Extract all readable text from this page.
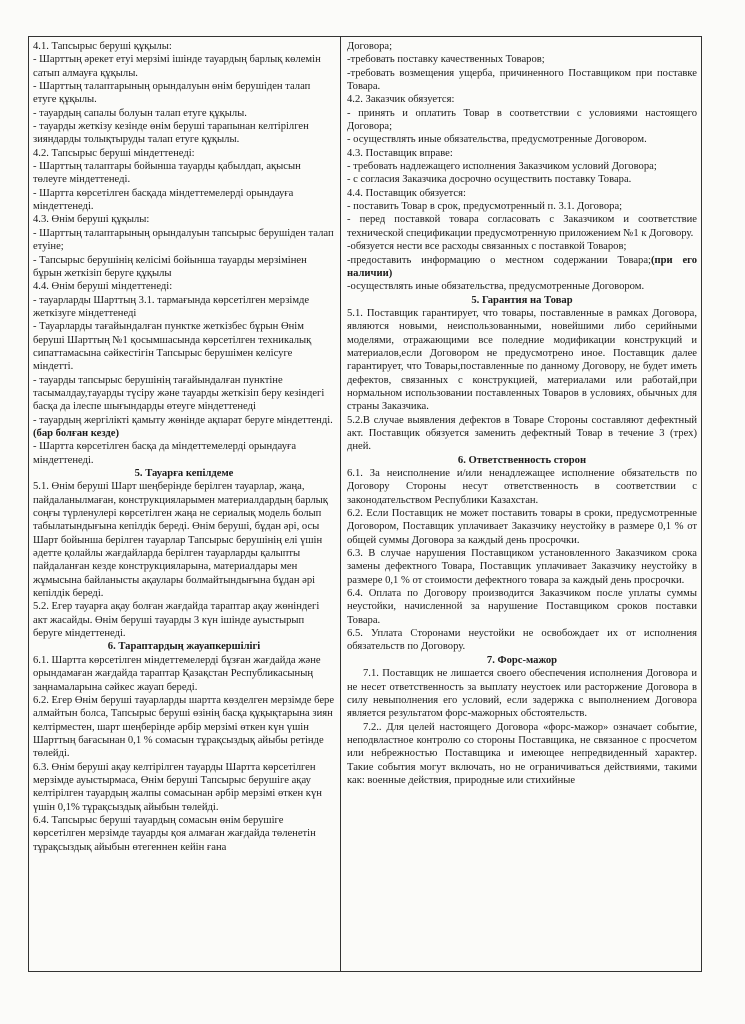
4.1. Тапсырыс беруші құқылы:

- Шарттың әрекет етуі мерзімі ішінде тауардың барлық көлемін сатып алмауға құқылы.

- Шарттың талаптарының орындалуын өнім берушіден талап етуге құқылы.

- тауардың сапалы болуын талап етуге құқылы.

- тауарды жеткізу кезінде өнім беруші тарапынан келтірілген зияндарды толықтыруды талап етуге құқылы.

4.2. Тапсырыс беруші міндеттенеді:

- Шарттың талаптары бойынша тауарды қабылдап, ақысын төлеуге міндеттенеді.

- Шартта көрсетілген басқада міндеттемелерді орындауға міндеттенеді.

4.3. Өнім беруші құқылы:

- Шарттың талаптарының орындалуын тапсырыс берушіден талап етуіне;

- Тапсырыс берушінің келісімі бойынша тауарды мерзімінен бұрын жеткізіп беруге құқылы

4.4. Өнім беруші міндеттенеді:

- тауарларды Шарттың 3.1. тармағында көрсетілген мерзімде жеткізуге міндеттенеді

- Тауарларды тағайындалған пунктке жеткізбес бұрын Өнім беруші Шарттың №1 қосымшасында көрсетілген техникалық сипаттамасына сәйкестігін Тапсырыс берушімен келісуге міндетті.

- тауарды тапсырыс берушінің тағайындалған пунктіне тасымалдау,тауарды түсіру және тауарды жеткізіп беру кезіндегі басқа да ілеспе шығындарды өтеуге міндеттенеді

- тауардың жергілікті қамыту жөнінде ақпарат беруге міндеттенді. (бар болған кезде)

- Шартта көрсетілген басқа да міндеттемелерді орындауға міндеттенеді.

5. Тауарға кепілдеме

5.1. Өнім беруші Шарт шеңберінде берілген тауарлар, жаңа, пайдаланылмаған, конструкцияларымен материалдардың барлық соңғы түрленулері көрсетілген жаңа не сериалық модель болып табылатындығына кепілдік береді. Өнім беруші, бұдан әрі, осы Шарт бойынша берілген тауарлар Тапсырыс берушінің елі үшін әдетте қолайлы жағдайларда берілген тауарларды қалыпты пайдаланған кезде конструкцияларына, материалдары мен жұмысына байланысты ақаулары болмайтындығына бұдан әрі кепілдік береді.

5.2. Егер тауарға ақау болған жағдайда тараптар ақау жөніндегі акт жасайды. Өнім беруші тауарды 3 күн ішінде ауыстырып беруге міндеттенеді.

6. Тараптардың жауапкершілігі

6.1. Шартта көрсетілген міндеттемелерді бұзған жағдайда және орындамаған жағдайда тараптар Қазақстан Республикасының заңнамаларына сәйкес жауап береді.

6.2. Егер Өнім беруші тауарларды шартта көзделген мерзімде бере алмайтын болса, Тапсырыс беруші өзінің басқа құқықтарына зиян келтірместен, шарт шеңберінде әрбір мерзімі өткен күн үшін Шарттың бағасынан 0,1 % сомасын тұрақсыздық айыбы ретінде төлейді.

6.3. Өнім беруші ақау келтірілген тауарды Шартта көрсетілген мерзімде ауыстырмаса, Өнім беруші Тапсырыс берушіге ақау келтірілген тауардың жалпы сомасынан әрбір мерзімі өткен күн үшін 0,1% тұрақсыздық айыбын төлейді.

6.4. Тапсырыс беруші тауардың сомасын өнім берушіге көрсетілген мерзімде тауарды қоя алмаған жағдайда төленетін тұрақсыздық айыбын өтегеннен кейін ғана

Договора;

-требовать поставку качественных Товаров;

-требовать возмещения ущерба, причиненного Поставщиком при поставке Товара.

4.2. Заказчик обязуется:

- принять и оплатить Товар в соответствии с условиями настоящего Договора;

- осуществлять иные обязательства, предусмотренные Договором.

4.3. Поставщик вправе:

- требовать надлежащего исполнения Заказчиком условий Договора;

- с согласия Заказчика досрочно осуществить поставку Товара.

4.4. Поставщик обязуется:

- поставить Товар в срок, предусмотренный п. 3.1. Договора;

- перед поставкой товара согласовать с Заказчиком и соответствие технической спецификации предусмотренную приложением №1 к Договору.

-обязуется нести все расходы связанных с поставкой Товаров;

-предоставить информацию о местном содержании Товара;(при его наличии)

-осуществлять иные обязательства, предусмотренные Договором.

5. Гарантия на Товар

5.1. Поставщик гарантирует, что товары, поставленные в рамках Договора, являются новыми, неиспользованными, новейшими либо серийными моделями, отражающими все поледние модификации конструкций и материалов,если Договором не предусмотрено иное. Поставщик далее гарантирует, что Товары,поставленные по данному Договору, не будет иметь дефектов, связанных с конструкцией, материалами или работай,при нормальном использовании поставленных Товаров в условиях, обычных для страны Заказчика.

5.2.В случае выявления дефектов в Товаре Стороны составляют дефектный акт. Поставщик обязуется заменить дефектный Товар в течение 3 (трех) дней.

6. Ответственность сторон

6.1. За неисполнение и/или ненадлежащее исполнение обязательств по Договору Стороны несут ответственность в соответствии с законодательством Республики Казахстан.

6.2. Если Поставщик не может поставить товары в сроки, предусмотренные Договором, Поставщик уплачивает Заказчику неустойку в размере 0,1 % от общей суммы Договора за каждый день просрочки.

6.3. В случае нарушения Поставщиком установленного Заказчиком срока замены дефектного Товара, Поставщик уплачивает Заказчику неустойку в размере 0,1 % от стоимости дефектного товара за каждый день просрочки.

6.4. Оплата по Договору производится Заказчиком после уплаты суммы неустойки, начисленной за нарушение Поставщиком сроков поставки Товара.

6.5. Уплата Сторонами неустойки не освобождает их от исполнения обязательств по Договору.

7. Форс-мажор

7.1. Поставщик не лишается своего обеспечения исполнения Договора и не несет ответственность за выплату неустоек или расторжение Договора в силу невыполнения его условий, если задержка с выполнением Договора является результатом форс-мажорных обстоятельств.

7.2.. Для целей настоящего Договора «форс-мажор» означает событие, неподвластное контролю со стороны Поставщика, не связанное с просчетом или небрежностью Поставщика и имеющее непредвиденный характер. Такие события могут включать, но не ограничиваться действиями, такими как: военные действия, природные или стихийные
